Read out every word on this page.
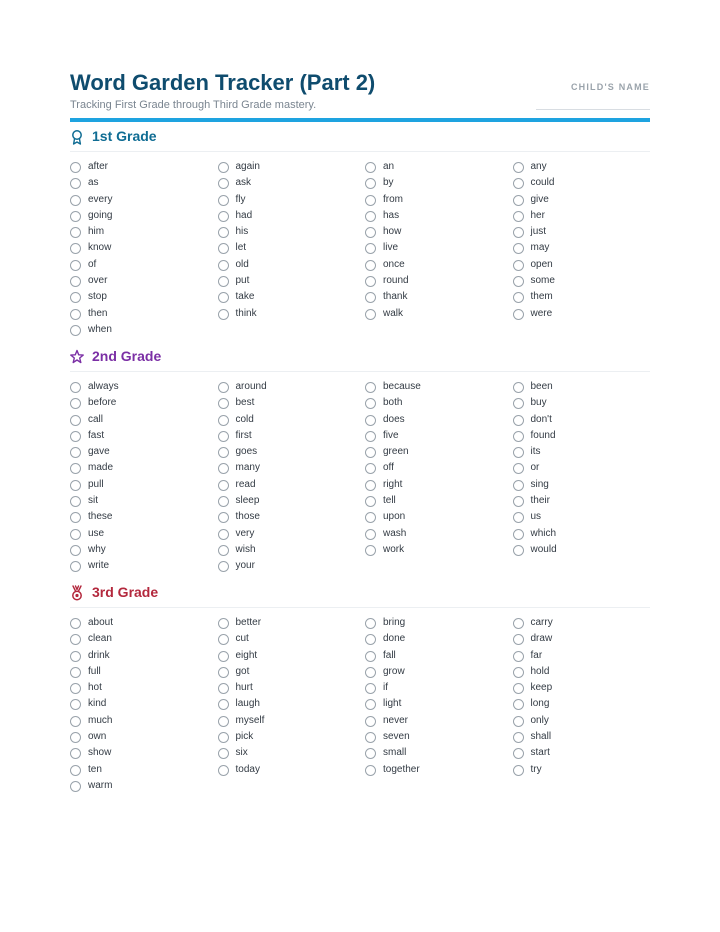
Word Garden Tracker (Part 2)
Tracking First Grade through Third Grade mastery.
CHILD'S NAME
1st Grade
after	again	an	any
as	ask	by	could
every	fly	from	give
going	had	has	her
him	his	how	just
know	let	live	may
of	old	once	open
over	put	round	some
stop	take	thank	them
then	think	walk	were
when
2nd Grade
always	around	because	been
before	best	both	buy
call	cold	does	don't
fast	first	five	found
gave	goes	green	its
made	many	off	or
pull	read	right	sing
sit	sleep	tell	their
these	those	upon	us
use	very	wash	which
why	wish	work	would
write	your
3rd Grade
about	better	bring	carry
clean	cut	done	draw
drink	eight	fall	far
full	got	grow	hold
hot	hurt	if	keep
kind	laugh	light	long
much	myself	never	only
own	pick	seven	shall
show	six	small	start
ten	today	together	try
warm
